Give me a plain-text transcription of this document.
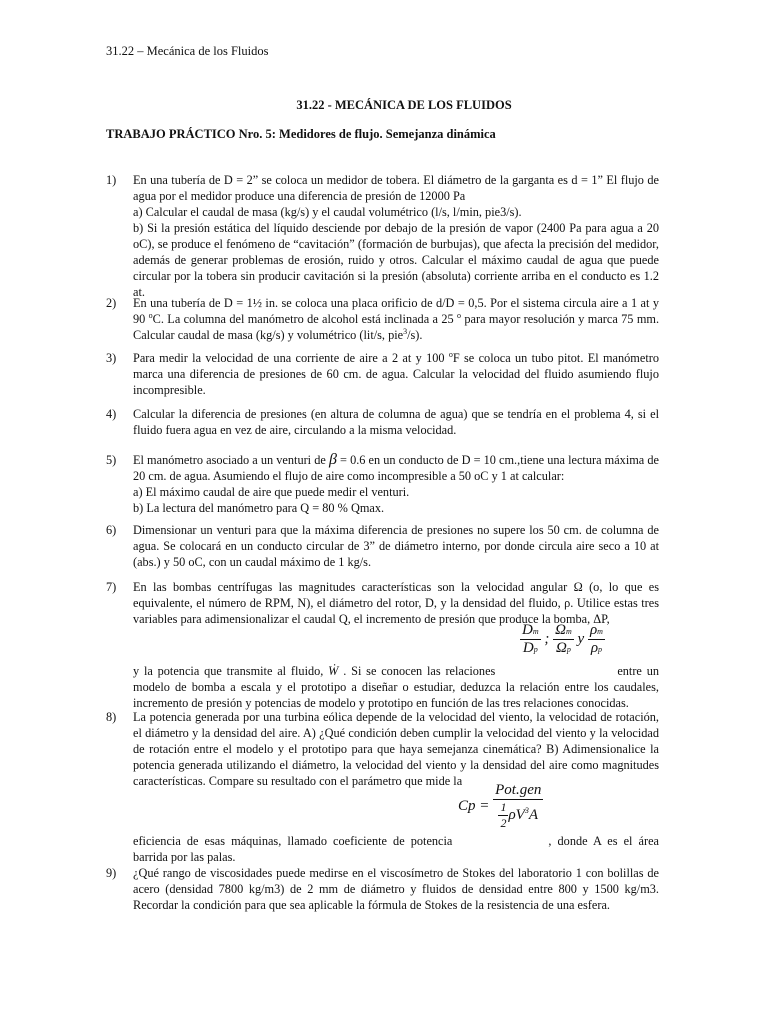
31.22 – Mecánica de los Fluidos
31.22 - MECÁNICA DE LOS FLUIDOS
TRABAJO PRÁCTICO Nro. 5: Medidores de flujo. Semejanza dinámica
1) En una tubería de D = 2” se coloca un medidor de tobera. El diámetro de la garganta es d = 1” El flujo de agua por el medidor produce una diferencia de presión de 12000 Pa

a) Calcular el caudal de masa (kg/s) y el caudal volumétrico (l/s, l/min, pie3/s).

b) Si la presión estática del líquido desciende por debajo de la presión de vapor (2400 Pa para agua a 20 oC), se produce el fenómeno de “cavitación” (formación de burbujas), que afecta la precisión del medidor, además de generar problemas de erosión, ruido y otros. Calcular el máximo caudal de agua que puede circular por la tobera sin producir cavitación si la presión (absoluta) corriente arriba en el conducto es 1.2 at.

2) En una tubería de D = 1½ in. se coloca una placa orificio de d/D = 0,5. Por el sistema circula aire a 1 at y 90 $^o$C. La columna del manómetro de alcohol está inclinada a 25 $^o$ para mayor resolución y marca 75 mm. Calcular caudal de masa (kg/s) y volumétrico (lit/s, pie$^3$/s).

3) Para medir la velocidad de una corriente de aire a 2 at y 100 $^o$F se coloca un tubo pitot. El manómetro marca una diferencia de presiones de 60 cm. de agua. Calcular la velocidad del fluido asumiendo flujo incompresible.

4) Calcular la diferencia de presiones (en altura de columna de agua) que se tendría en el problema 4, si el fluido fuera agua en vez de aire, circulando a la misma velocidad.

5) El manómetro asociado a un venturi de β = 0.6 en un conducto de D = 10 cm.,tiene una lectura máxima de 20 cm. de agua. Asumiendo el flujo de aire como incompresible a 50 oC y 1 at calcular:

a) El máximo caudal de aire que puede medir el venturi.

b) La lectura del manómetro para Q = 80 % Qmax.

6) Dimensionar un venturi para que la máxima diferencia de presiones no supere los 50 cm. de columna de agua. Se colocará en un conducto circular de 3” de diámetro interno, por donde circula aire seco a 10 at (abs.) y 50 oC, con un caudal máximo de 1 kg/s.

7) En las bombas centrífugas las magnitudes características son la velocidad angular Ω (o, lo que es equivalente, el número de RPM, N), el diámetro del rotor, D, y la densidad del fluido, ρ. Utilice estas tres variables para adimensionalizar el caudal Q, el incremento de presión que produce la bomba, ΔP,

y la potencia que transmite al fluido, Ẇ . Si se conocen las relaciones	entre un modelo de bomba a escala y el prototipo a diseñar o estudiar, deduzca la relación entre los caudales, incremento de presión y potencias de modelo y prototipo en función de las tres relaciones conocidas.

$\frac{Dm}{Dp}$ ; $\frac{\Omega m}{\Omega p}$ y $\frac{\rho m}{\rho p}$
8) La potencia generada por una turbina eólica depende de la velocidad del viento, la velocidad de rotación, el diámetro y la densidad del aire. A) ¿Qué condición deben cumplir la velocidad del viento y la velocidad de rotación entre el modelo y el prototipo para que haya semejanza cinemática? B) Adimensionalice la potencia generada utilizando el diámetro, la velocidad del viento y la densidad del aire como magnitudes características. Compare su resultado con el parámetro que mide la

eficiencia de esas máquinas, llamado coeficiente de potencia	, donde A es el área barrida por las palas.

$Cp = \frac{\text{Pot.gen}}{\frac{1}{2} \rho V^3A}$
9) ¿Qué rango de viscosidades puede medirse en el viscosímetro de Stokes del laboratorio 1 con bolillas de acero (densidad 7800 kg/m3) de 2 mm de diámetro y fluidos de densidad entre 800 y 1500 kg/m3. Recordar la condición para que sea aplicable la fórmula de Stokes de la resistencia de una esfera.
